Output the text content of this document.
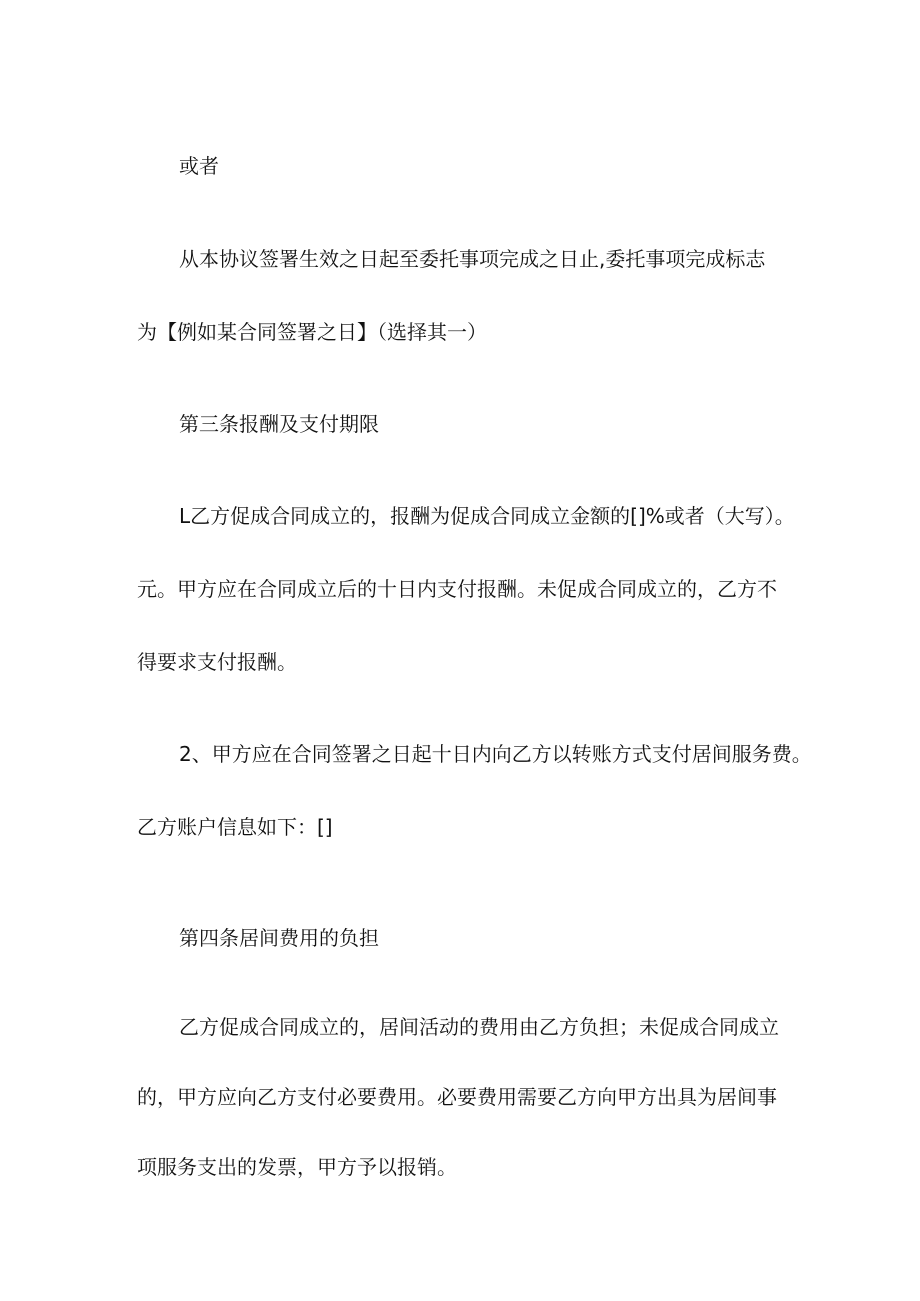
或者
从本协议签署生效之日起至委托事项完成之日止,委托事项完成标志
为【例如某合同签署之日】（选择其一）
第三条报酬及支付期限
L乙方促成合同成立的，报酬为促成合同成立金额的[]%或者（大写）。
元。甲方应在合同成立后的十日内支付报酬。未促成合同成立的，乙方不
得要求支付报酬。
2、甲方应在合同签署之日起十日内向乙方以转账方式支付居间服务费。
乙方账户信息如下：[]
第四条居间费用的负担
乙方促成合同成立的，居间活动的费用由乙方负担；未促成合同成立
的，甲方应向乙方支付必要费用。必要费用需要乙方向甲方出具为居间事
项服务支出的发票，甲方予以报销。
